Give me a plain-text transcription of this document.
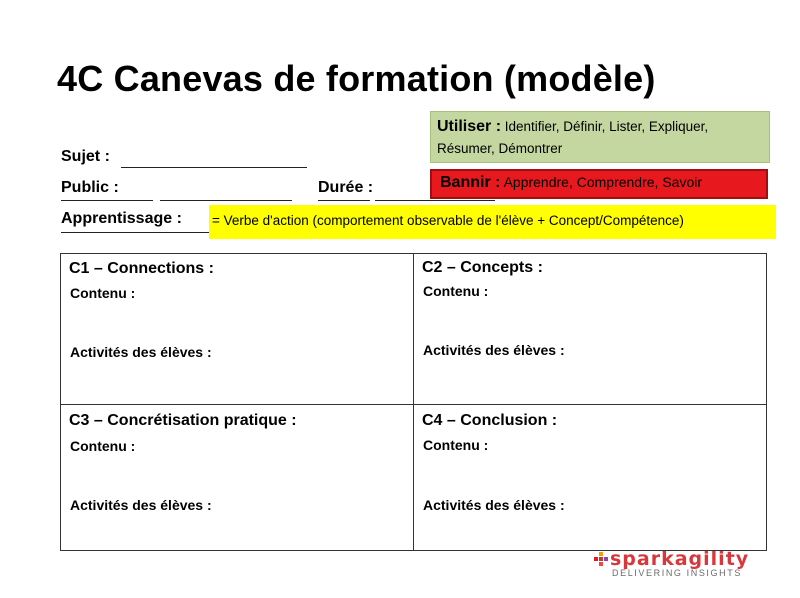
4C Canevas de formation (modèle)
Sujet :
Public :	Durée :
Apprentissage :
Utiliser : Identifier, Définir, Lister, Expliquer,
Résumer, Démontrer
Bannir : Apprendre, Comprendre, Savoir
= Verbe d'action (comportement observable de l'élève + Concept/Compétence)
C1 – Connections :
Contenu :
Activités des élèves :
C2 – Concepts :
Contenu :
Activités des élèves :
C3 – Concrétisation pratique :
Contenu :
Activités des élèves :
C4 – Conclusion :
Contenu :
Activités des élèves :
sparkagility
DELIVERING INSIGHTS
